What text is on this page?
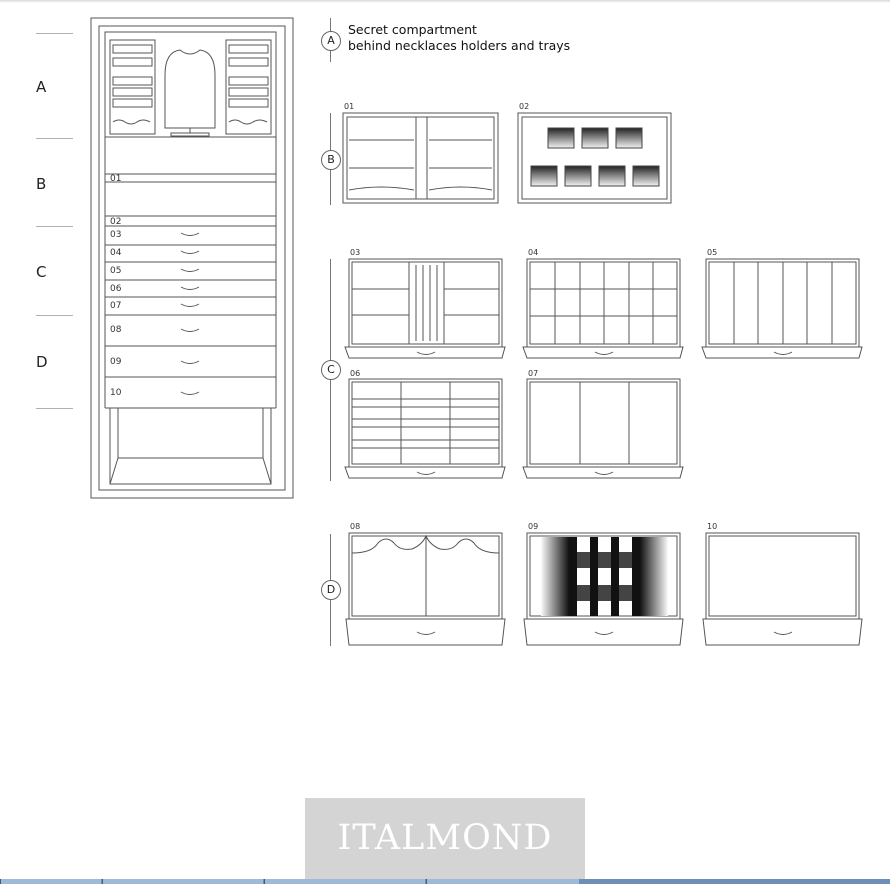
A
B
C
D
01
02
03
04
05
06
07
08
09
10
A
Secret compartment
behind necklaces holders and trays
B
01	02
C
03	04	05
06	07
D
08	09	10
ITALMOND
